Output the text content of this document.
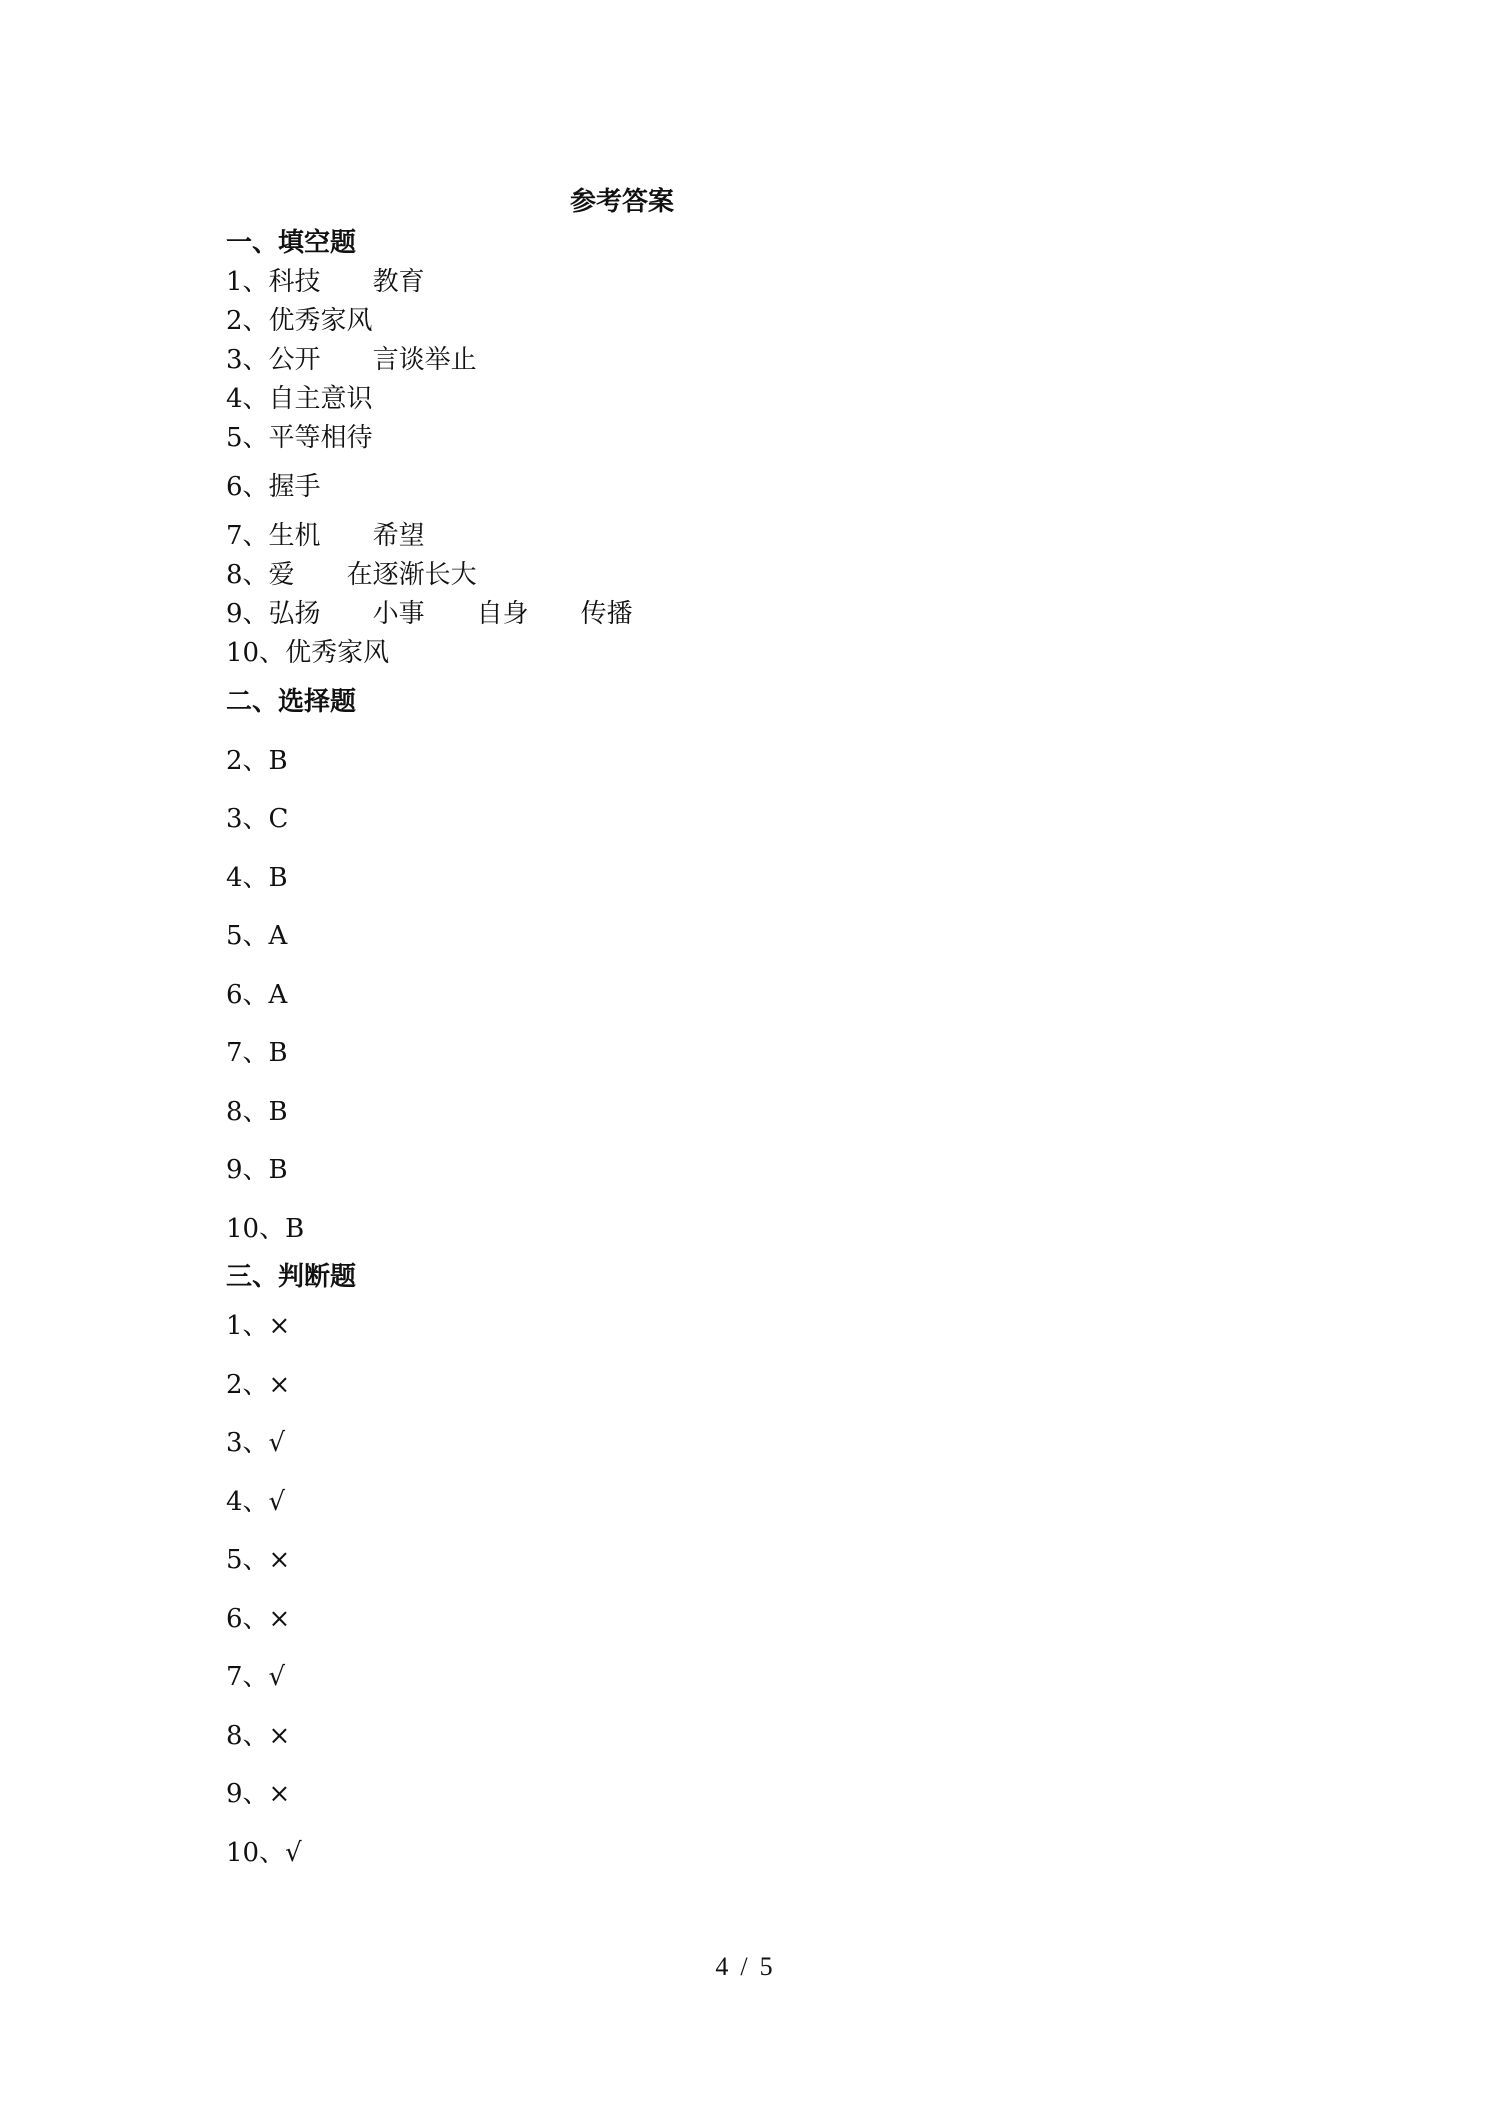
参考答案
一、填空题
1、科技 教育
2、优秀家风
3、公开 言谈举止
4、自主意识
5、平等相待
6、握手
7、生机 希望
8、爱 在逐渐长大
9、弘扬 小事 自身 传播
10、优秀家风
二、选择题
2、B
3、C
4、B
5、A
6、A
7、B
8、B
9、B
10、B
三、判断题
1、×
2、×
3、√
4、√
5、×
6、×
7、√
8、×
9、×
10、√
4 / 5
